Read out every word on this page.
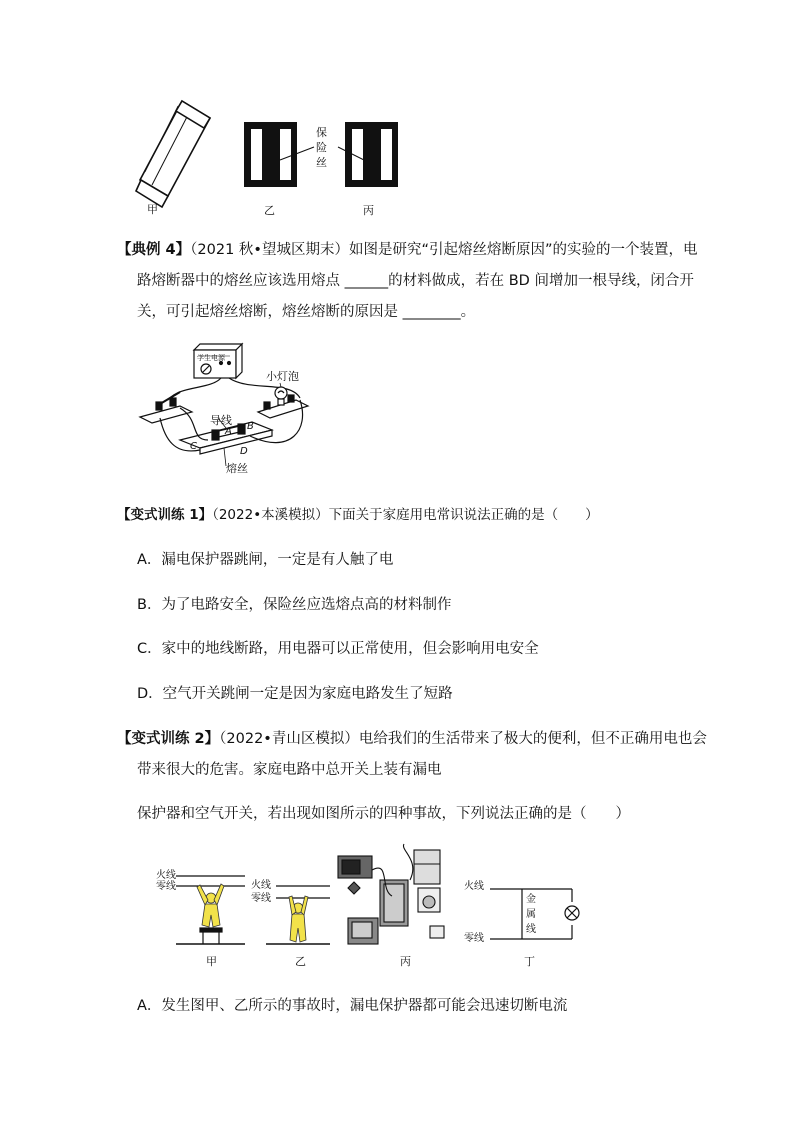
保
险
丝
甲	乙	丙
【典例 4】（2021 秋•望城区期末）如图是研究“引起熔丝熔断原因”的实验的一个装置，电
路熔断器中的熔丝应该选用熔点 ______的材料做成，若在 BD 间增加一根导线，闭合开
关，可引起熔丝熔断，熔丝熔断的原因是 ________。
学生电源
小灯泡
导线
熔丝
A B
C	D
【变式训练 1】（2022•本溪模拟）下面关于家庭用电常识说法正确的是（　　）
A．漏电保护器跳闸，一定是有人触了电
B．为了电路安全，保险丝应选熔点高的材料制作
C．家中的地线断路，用电器可以正常使用，但会影响用电安全
D．空气开关跳闸一定是因为家庭电路发生了短路
【变式训练 2】（2022•青山区模拟）电给我们的生活带来了极大的便利，但不正确用电也会
带来很大的危害。家庭电路中总开关上装有漏电
保护器和空气开关，若出现如图所示的四种事故，下列说法正确的是（　　）
火线
零线	火线
零线
火线
零线
金
属
线
甲	乙	丙	丁
A．发生图甲、乙所示的事故时，漏电保护器都可能会迅速切断电流
